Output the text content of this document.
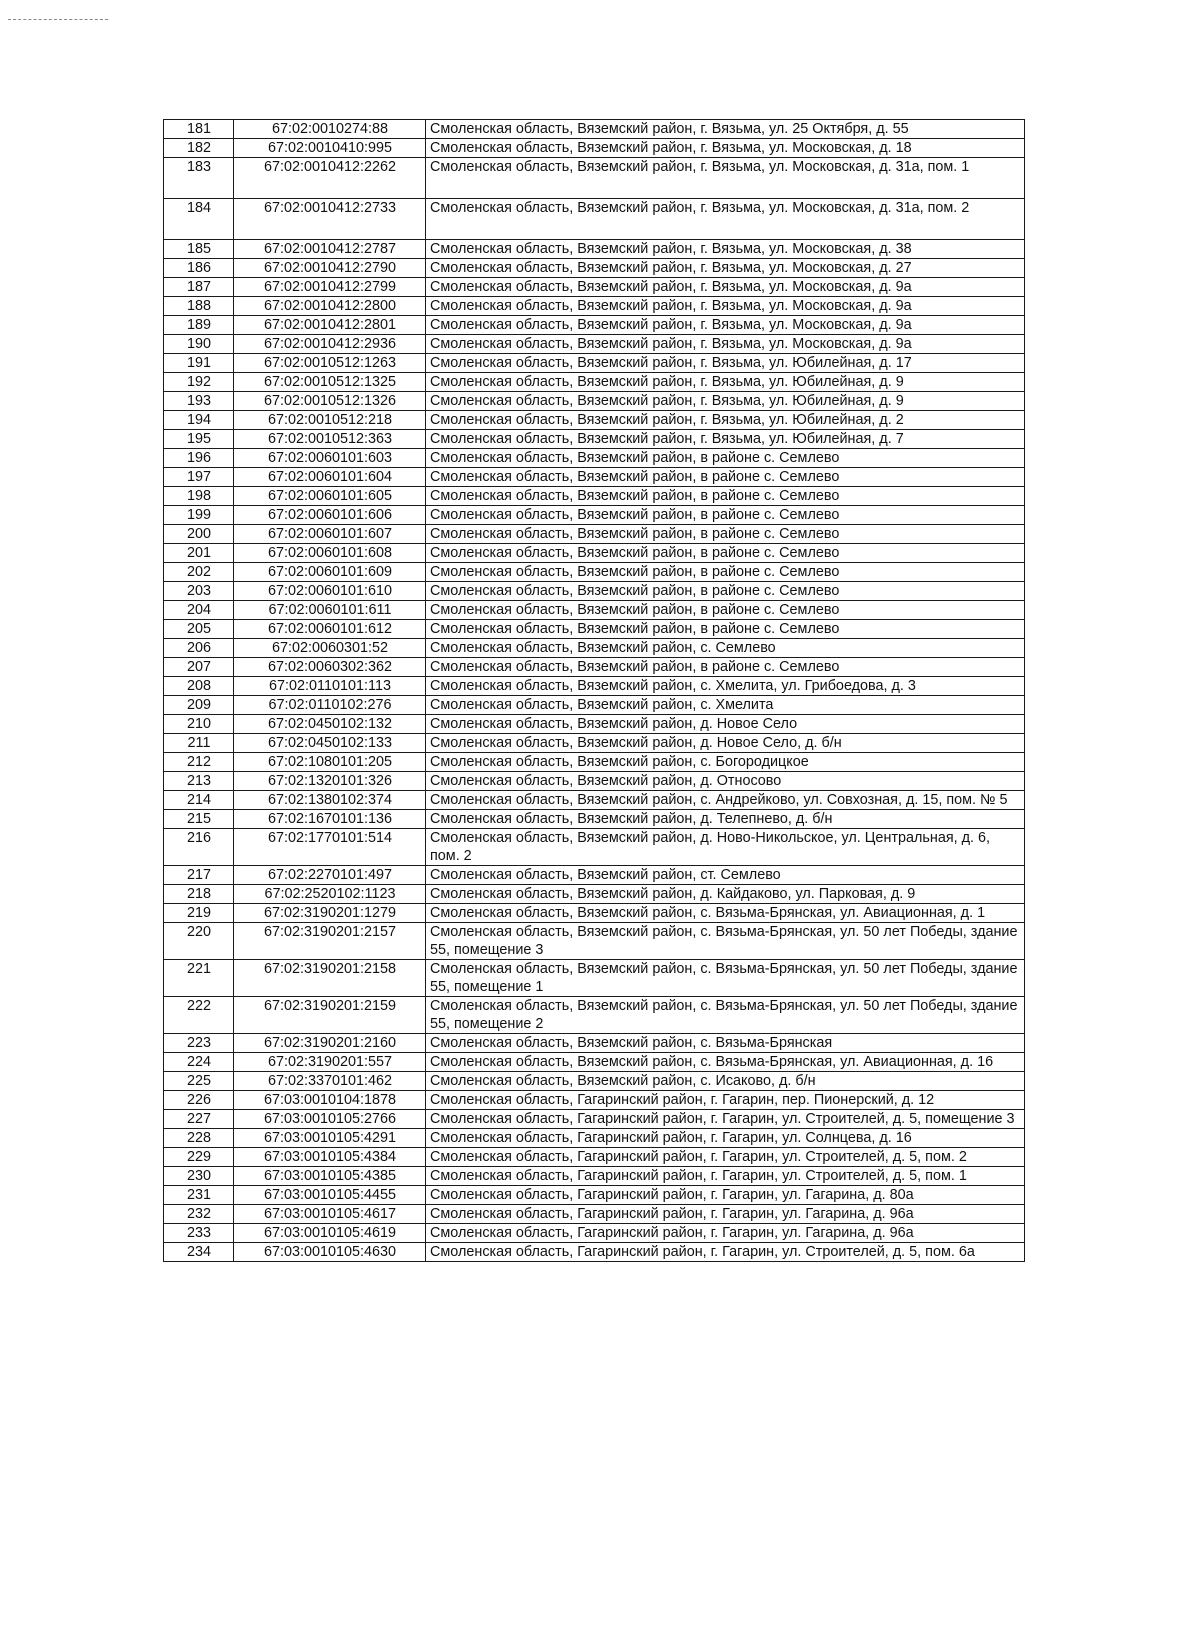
181	67:02:0010274:88	Смоленская область, Вяземский район, г. Вязьма, ул. 25 Октября, д. 55
182	67:02:0010410:995	Смоленская область, Вяземский район, г. Вязьма, ул. Московская, д. 18
183	67:02:0010412:2262	Смоленская область, Вяземский район, г. Вязьма, ул. Московская, д. 31а, пом. 1
184	67:02:0010412:2733	Смоленская область, Вяземский район, г. Вязьма, ул. Московская, д. 31а, пом. 2
185	67:02:0010412:2787	Смоленская область, Вяземский район, г. Вязьма, ул. Московская, д. 38
186	67:02:0010412:2790	Смоленская область, Вяземский район, г. Вязьма, ул. Московская, д. 27
187	67:02:0010412:2799	Смоленская область, Вяземский район, г. Вязьма, ул. Московская, д. 9а
188	67:02:0010412:2800	Смоленская область, Вяземский район, г. Вязьма, ул. Московская, д. 9а
189	67:02:0010412:2801	Смоленская область, Вяземский район, г. Вязьма, ул. Московская, д. 9а
190	67:02:0010412:2936	Смоленская область, Вяземский район, г. Вязьма, ул. Московская, д. 9а
191	67:02:0010512:1263	Смоленская область, Вяземский район, г. Вязьма, ул. Юбилейная, д. 17
192	67:02:0010512:1325	Смоленская область, Вяземский район, г. Вязьма, ул. Юбилейная, д. 9
193	67:02:0010512:1326	Смоленская область, Вяземский район, г. Вязьма, ул. Юбилейная, д. 9
194	67:02:0010512:218	Смоленская область, Вяземский район, г. Вязьма, ул. Юбилейная, д. 2
195	67:02:0010512:363	Смоленская область, Вяземский район, г. Вязьма, ул. Юбилейная, д. 7
196	67:02:0060101:603	Смоленская область, Вяземский район, в районе с. Семлево
197	67:02:0060101:604	Смоленская область, Вяземский район, в районе с. Семлево
198	67:02:0060101:605	Смоленская область, Вяземский район, в районе с. Семлево
199	67:02:0060101:606	Смоленская область, Вяземский район, в районе с. Семлево
200	67:02:0060101:607	Смоленская область, Вяземский район, в районе с. Семлево
201	67:02:0060101:608	Смоленская область, Вяземский район, в районе с. Семлево
202	67:02:0060101:609	Смоленская область, Вяземский район, в районе с. Семлево
203	67:02:0060101:610	Смоленская область, Вяземский район, в районе с. Семлево
204	67:02:0060101:611	Смоленская область, Вяземский район, в районе с. Семлево
205	67:02:0060101:612	Смоленская область, Вяземский район, в районе с. Семлево
206	67:02:0060301:52	Смоленская область, Вяземский район, с. Семлево
207	67:02:0060302:362	Смоленская область, Вяземский район, в районе с. Семлево
208	67:02:0110101:113	Смоленская область, Вяземский район, с. Хмелита, ул. Грибоедова, д. 3
209	67:02:0110102:276	Смоленская область, Вяземский район, с. Хмелита
210	67:02:0450102:132	Смоленская область, Вяземский район, д. Новое Село
211	67:02:0450102:133	Смоленская область, Вяземский район, д. Новое Село, д. б/н
212	67:02:1080101:205	Смоленская область, Вяземский район, с. Богородицкое
213	67:02:1320101:326	Смоленская область, Вяземский район, д. Относово
214	67:02:1380102:374	Смоленская область, Вяземский район, с. Андрейково, ул. Совхозная, д. 15, пом. № 5
215	67:02:1670101:136	Смоленская область, Вяземский район, д. Телепнево, д. б/н
216	67:02:1770101:514	Смоленская область, Вяземский район, д. Ново-Никольское, ул. Центральная, д. 6, пом. 2
217	67:02:2270101:497	Смоленская область, Вяземский район, ст. Семлево
218	67:02:2520102:1123	Смоленская область, Вяземский район, д. Кайдаково, ул. Парковая, д. 9
219	67:02:3190201:1279	Смоленская область, Вяземский район, с. Вязьма-Брянская, ул. Авиационная, д. 1
220	67:02:3190201:2157	Смоленская область, Вяземский район, с. Вязьма-Брянская, ул. 50 лет Победы, здание 55, помещение 3
221	67:02:3190201:2158	Смоленская область, Вяземский район, с. Вязьма-Брянская, ул. 50 лет Победы, здание 55, помещение 1
222	67:02:3190201:2159	Смоленская область, Вяземский район, с. Вязьма-Брянская, ул. 50 лет Победы, здание 55, помещение 2
223	67:02:3190201:2160	Смоленская область, Вяземский район, с. Вязьма-Брянская
224	67:02:3190201:557	Смоленская область, Вяземский район, с. Вязьма-Брянская, ул. Авиационная, д. 16
225	67:02:3370101:462	Смоленская область, Вяземский район, с. Исаково, д. б/н
226	67:03:0010104:1878	Смоленская область, Гагаринский район, г. Гагарин, пер. Пионерский, д. 12
227	67:03:0010105:2766	Смоленская область, Гагаринский район, г. Гагарин, ул. Строителей, д. 5, помещение 3
228	67:03:0010105:4291	Смоленская область, Гагаринский район, г. Гагарин, ул. Солнцева, д. 16
229	67:03:0010105:4384	Смоленская область, Гагаринский район, г. Гагарин, ул. Строителей, д. 5, пом. 2
230	67:03:0010105:4385	Смоленская область, Гагаринский район, г. Гагарин, ул. Строителей, д. 5, пом. 1
231	67:03:0010105:4455	Смоленская область, Гагаринский район, г. Гагарин, ул. Гагарина, д. 80а
232	67:03:0010105:4617	Смоленская область, Гагаринский район, г. Гагарин, ул. Гагарина, д. 96а
233	67:03:0010105:4619	Смоленская область, Гагаринский район, г. Гагарин, ул. Гагарина, д. 96а
234	67:03:0010105:4630	Смоленская область, Гагаринский район, г. Гагарин, ул. Строителей, д. 5, пом. 6а
